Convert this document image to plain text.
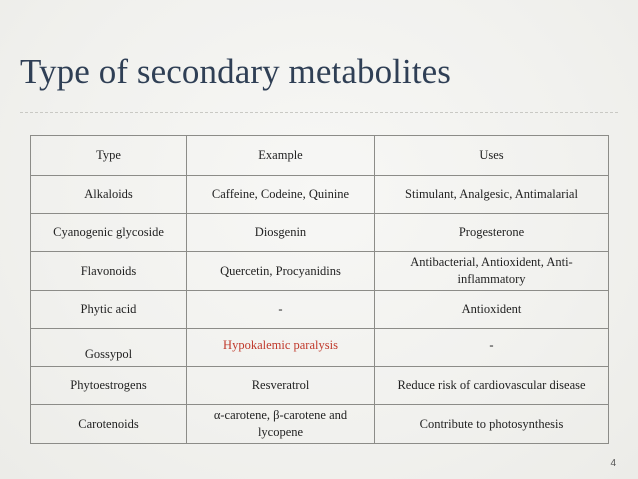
Type of secondary metabolites
Type	Example	Uses
Alkaloids	Caffeine, Codeine, Quinine	Stimulant, Analgesic, Antimalarial
Cyanogenic glycoside	Diosgenin	Progesterone
Flavonoids	Quercetin, Procyanidins	Antibacterial, Antioxident, Anti-inflammatory
Phytic acid	-	Antioxident
Gossypol	Hypokalemic paralysis	-
Phytoestrogens	Resveratrol	Reduce risk of cardiovascular disease
Carotenoids	α-carotene, β-carotene and lycopene	Contribute to photosynthesis
4
